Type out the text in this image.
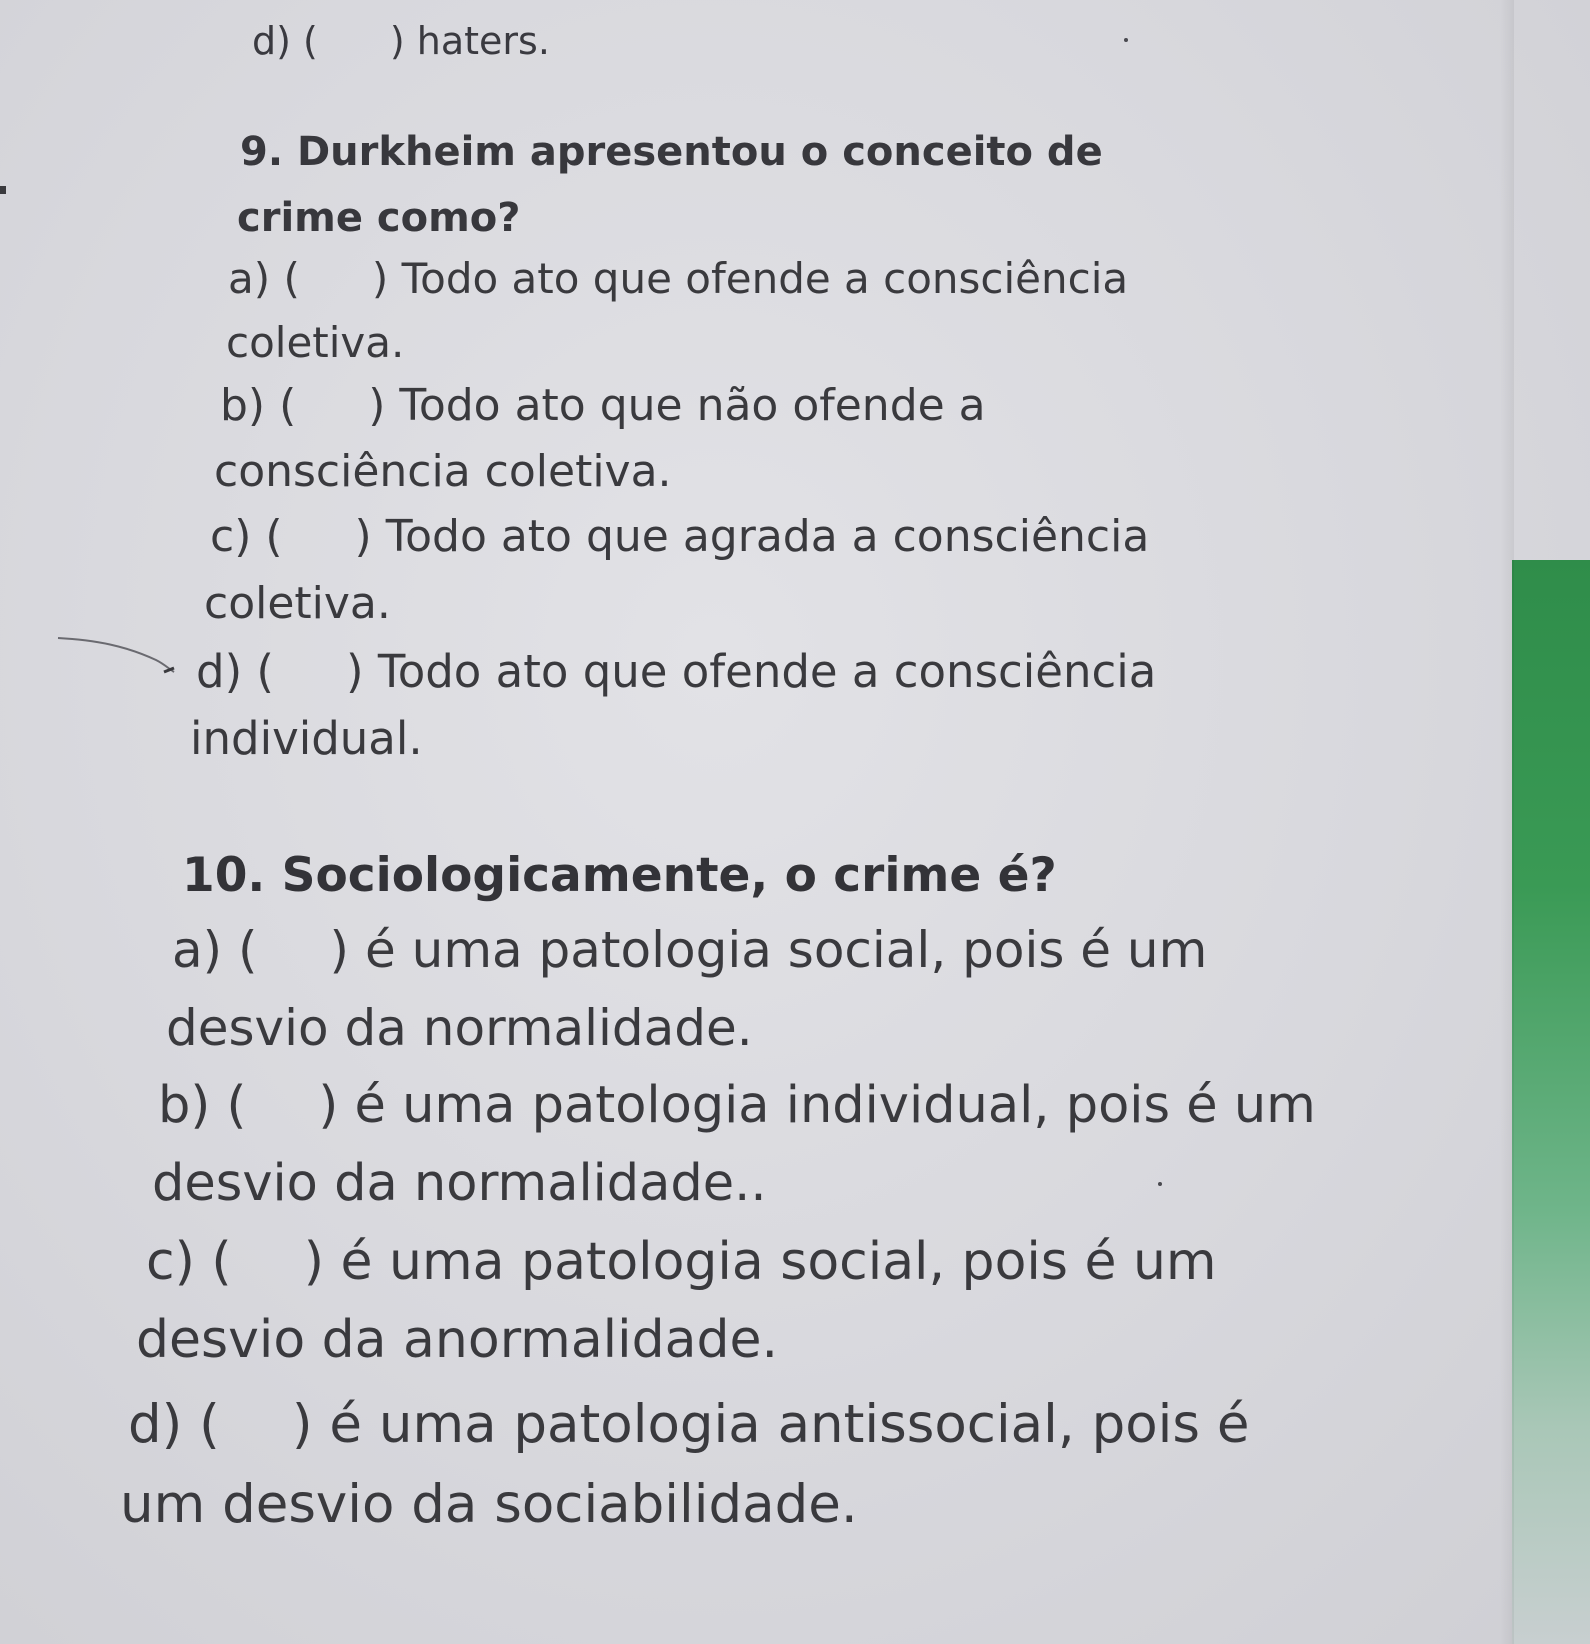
d) ( ) haters.
9. Durkheim apresentou o conceito de
crime como?
a) ( ) Todo ato que ofende a consciência
coletiva.
b) ( ) Todo ato que não ofende a
consciência coletiva.
c) ( ) Todo ato que agrada a consciência
coletiva.
d) ( ) Todo ato que ofende a consciência
individual.
10. Sociologicamente, o crime é?
a) ( ) é uma patologia social, pois é um
desvio da normalidade.
b) ( ) é uma patologia individual, pois é um
desvio da normalidade..
c) ( ) é uma patologia social, pois é um
desvio da anormalidade.
d) ( ) é uma patologia antissocial, pois é
um desvio da sociabilidade.
